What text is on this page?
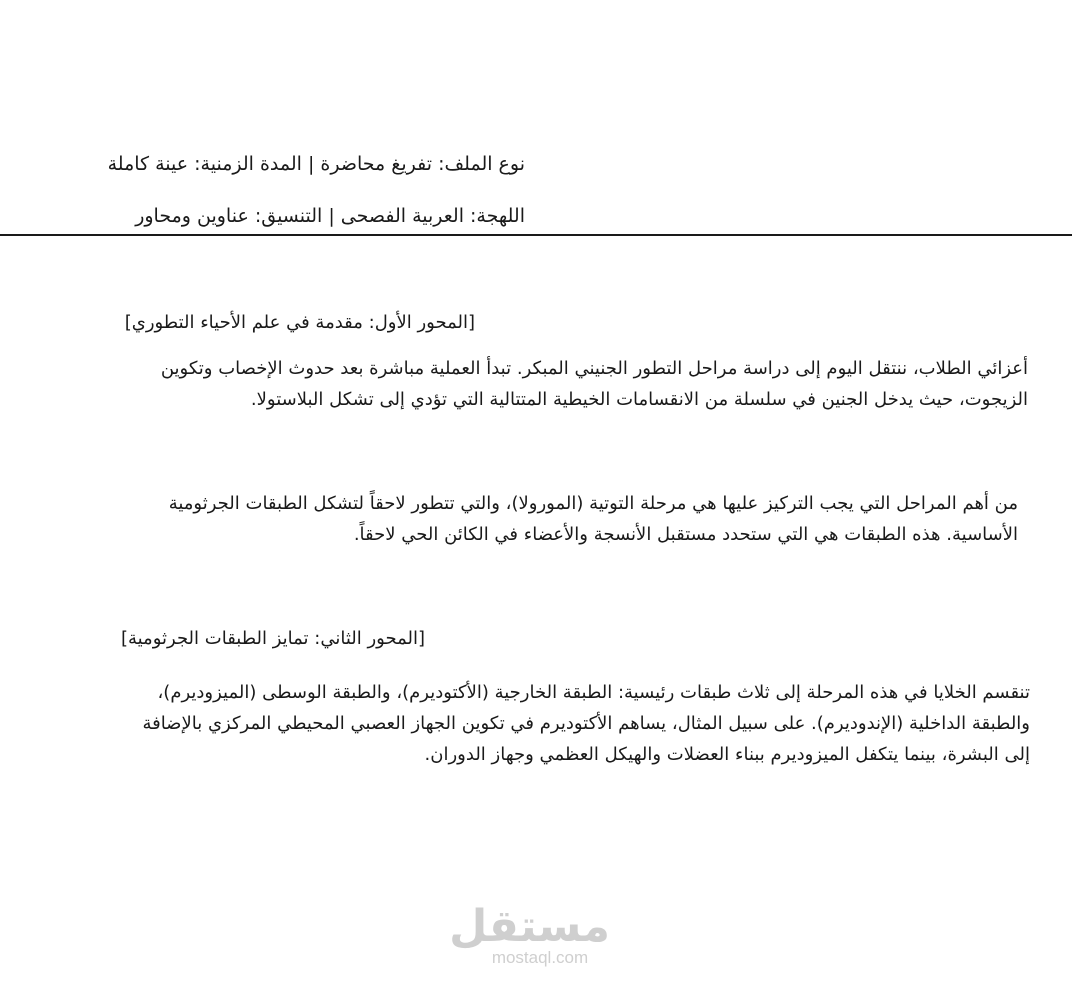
نوع الملف: تفريغ محاضرة | المدة الزمنية: عينة كاملة
اللهجة: العربية الفصحى | التنسيق: عناوين ومحاور
[المحور الأول: مقدمة في علم الأحياء التطوري]
أعزائي الطلاب، ننتقل اليوم إلى دراسة مراحل التطور الجنيني المبكر. تبدأ العملية مباشرة بعد حدوث الإخصاب وتكوين
الزيجوت، حيث يدخل الجنين في سلسلة من الانقسامات الخيطية المتتالية التي تؤدي إلى تشكل البلاستولا.
من أهم المراحل التي يجب التركيز عليها هي مرحلة التوتية (المورولا)، والتي تتطور لاحقاً لتشكل الطبقات الجرثومية
الأساسية. هذه الطبقات هي التي ستحدد مستقبل الأنسجة والأعضاء في الكائن الحي لاحقاً.
[المحور الثاني: تمايز الطبقات الجرثومية]
تنقسم الخلايا في هذه المرحلة إلى ثلاث طبقات رئيسية: الطبقة الخارجية (الأكتوديرم)، والطبقة الوسطى (الميزوديرم)،
والطبقة الداخلية (الإندوديرم). على سبيل المثال، يساهم الأكتوديرم في تكوين الجهاز العصبي المحيطي المركزي بالإضافة
إلى البشرة، بينما يتكفل الميزوديرم ببناء العضلات والهيكل العظمي وجهاز الدوران.
مستقل
mostaql.com
